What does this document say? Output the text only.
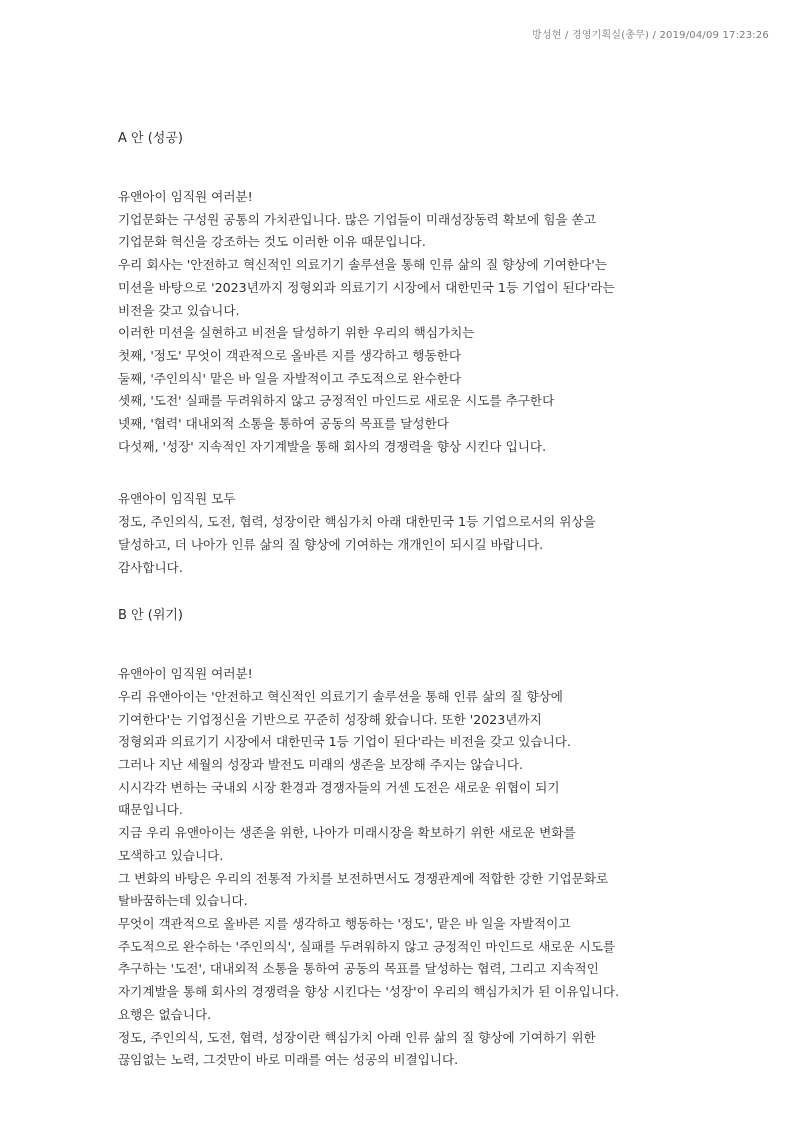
방성현 / 경영기획실(총무) / 2019/04/09 17:23:26
A 안 (성공)
유앤아이 임직원 여러분!
기업문화는 구성원 공통의 가치관입니다. 많은 기업들이 미래성장동력 확보에 힘을 쏟고
기업문화 혁신을 강조하는 것도 이러한 이유 때문입니다.
우리 회사는 '안전하고 혁신적인 의료기기 솔루션을 통해 인류 삶의 질 향상에 기여한다'는
미션을 바탕으로 '2023년까지 정형외과 의료기기 시장에서 대한민국 1등 기업이 된다'라는
비전을 갖고 있습니다.
이러한 미션을 실현하고 비전을 달성하기 위한 우리의 핵심가치는
첫째, '정도' 무엇이 객관적으로 올바른 지를 생각하고 행동한다
둘째, '주인의식' 맡은 바 일을 자발적이고 주도적으로 완수한다
셋째, '도전' 실패를 두려워하지 않고 긍정적인 마인드로 새로운 시도를 추구한다
넷째, '협력' 대내외적 소통을 통하여 공동의 목표를 달성한다
다섯째, '성장' 지속적인 자기계발을 통해 회사의 경쟁력을 향상 시킨다 입니다.
유앤아이 임직원 모두
정도, 주인의식, 도전, 협력, 성장이란 핵심가치 아래 대한민국 1등 기업으로서의 위상을
달성하고, 더 나아가 인류 삶의 질 향상에 기여하는 개개인이 되시길 바랍니다.
감사합니다.
B 안 (위기)
유앤아이 임직원 여러분!
우리 유앤아이는 '안전하고 혁신적인 의료기기 솔루션을 통해 인류 삶의 질 향상에
기여한다'는 기업정신을 기반으로 꾸준히 성장해 왔습니다. 또한 '2023년까지
정형외과 의료기기 시장에서 대한민국 1등 기업이 된다'라는 비전을 갖고 있습니다.
그러나 지난 세월의 성장과 발전도 미래의 생존을 보장해 주지는 않습니다.
시시각각 변하는 국내외 시장 환경과 경쟁자들의 거센 도전은 새로운 위협이 되기
때문입니다.
지금 우리 유앤아이는 생존을 위한, 나아가 미래시장을 확보하기 위한 새로운 변화를
모색하고 있습니다.
그 변화의 바탕은 우리의 전통적 가치를 보전하면서도 경쟁관계에 적합한 강한 기업문화로
탈바꿈하는데 있습니다.
무엇이 객관적으로 올바른 지를 생각하고 행동하는 '정도', 맡은 바 일을 자발적이고
주도적으로 완수하는 '주인의식', 실패를 두려워하지 않고 긍정적인 마인드로 새로운 시도를
추구하는 '도전', 대내외적 소통을 통하여 공동의 목표를 달성하는 협력, 그리고 지속적인
자기계발을 통해 회사의 경쟁력을 향상 시킨다는 '성장'이 우리의 핵심가치가 된 이유입니다.
요행은 없습니다.
정도, 주인의식, 도전, 협력, 성장이란 핵심가치 아래 인류 삶의 질 향상에 기여하기 위한
끊임없는 노력, 그것만이 바로 미래를 여는 성공의 비결입니다.
